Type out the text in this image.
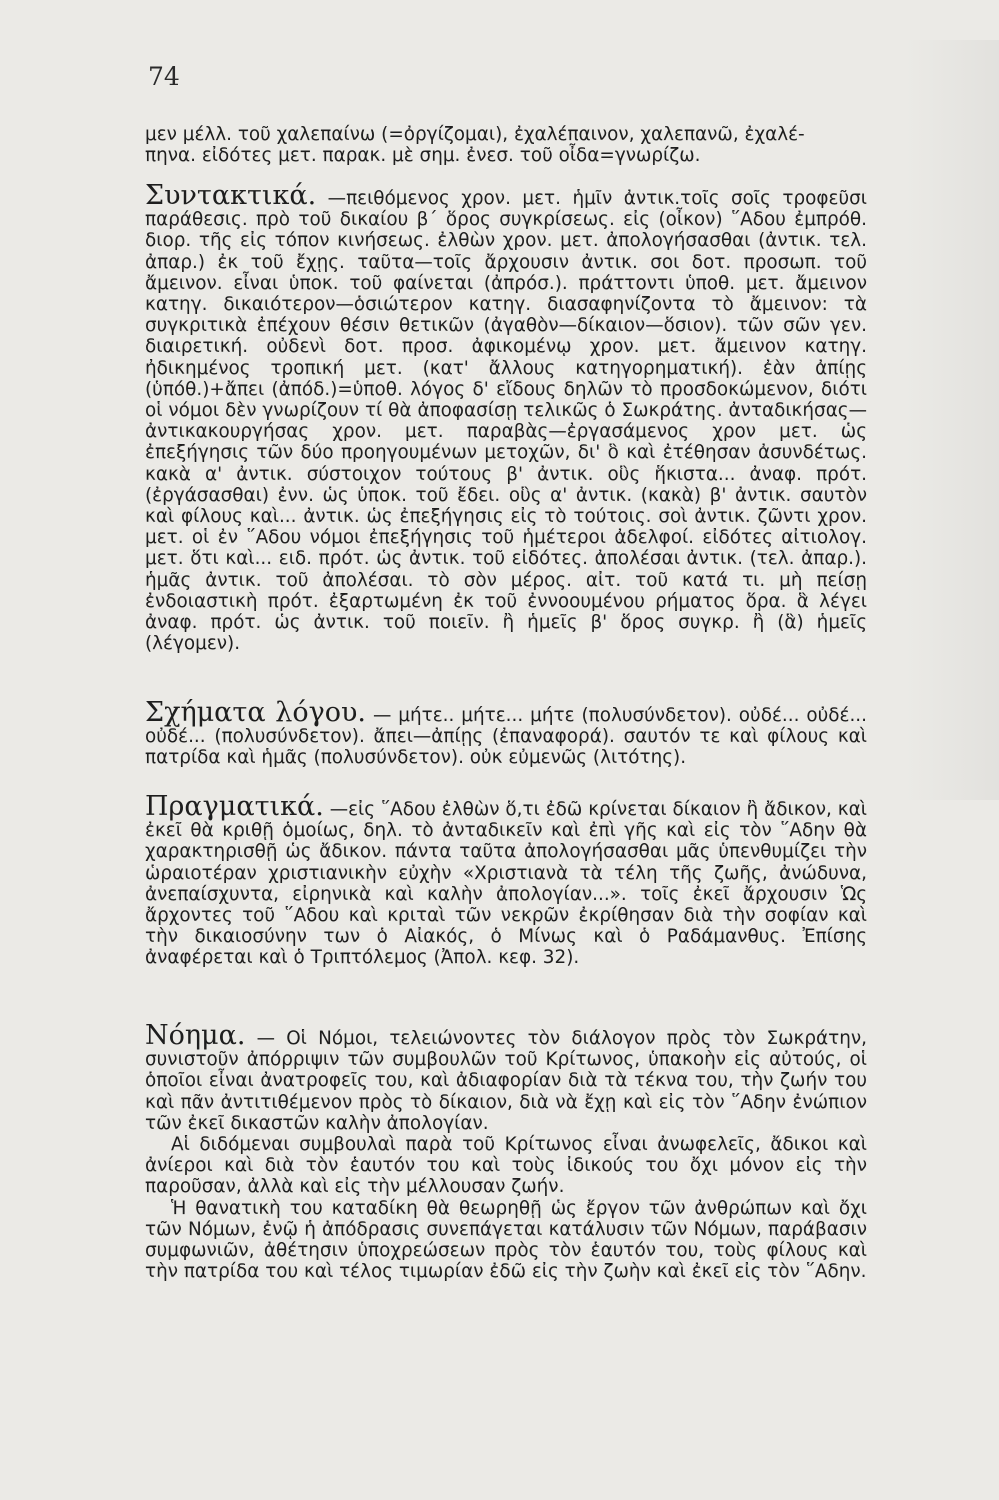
74

μεν μέλλ. τοῦ χαλεπαίνω (=ὀργίζομαι), ἐχαλέπαινον, χαλεπανῶ, ἐχαλέ-

πηνα. εἰδότες μετ. παρακ. μὲ σημ. ἐνεσ. τοῦ οἶδα=γνωρίζω.

Συντακτικά. —πειθόμενος χρον. μετ. ἡμῖν ἀντικ.τοῖς σοῖς τροφεῦσι παράθεσις. πρὸ τοῦ δικαίου β΄ ὅρος συγκρίσεως. εἰς (οἶκον) ῞Αδου ἐμπρόθ. διορ. τῆς εἰς τόπον κινήσεως. ἐλθὼν χρον. μετ. ἀπολογήσασθαι (ἀντικ. τελ. ἀπαρ.) ἐκ τοῦ ἔχῃς. ταῦτα—τοῖς ἄρχουσιν ἀντικ. σοι δοτ. προσωπ. τοῦ ἄμεινον. εἶναι ὑποκ. τοῦ φαίνεται (ἀπρόσ.). πράττοντι ὑποθ. μετ. ἄμεινον κατηγ. δικαιότερον—ὁσιώτερον κατηγ. διασαφηνίζοντα τὸ ἄμεινον: τὰ συγκριτικὰ ἐπέχουν θέσιν θετικῶν (ἀγαθὸν—δίκαιον—ὅσιον). τῶν σῶν γεν. διαιρετική. οὐδενὶ δοτ. προσ. ἀφικομένῳ χρον. μετ. ἄμεινον κατηγ. ἠδικημένος τροπική μετ. (κατ' ἄλλους κατηγορηματική). ἐὰν ἀπίῃς (ὑπόθ.)+ἄπει (ἀπόδ.)=ὑποθ. λόγος δ' εἴδους δηλῶν τὸ προσδοκώμενον, διότι οἱ νόμοι δὲν γνωρίζουν τί θὰ ἀποφασίσῃ τελικῶς ὁ Σωκράτης. ἀνταδικήσας—ἀντικακουργήσας χρον. μετ. παραβὰς—ἐργασάμενος χρον μετ. ὡς ἐπεξήγησις τῶν δύο προηγουμένων μετοχῶν, δι' ὃ καὶ ἐτέθησαν ἀσυνδέτως. κακὰ α' ἀντικ. σύστοιχον τούτους β' ἀντικ. οὓς ἥκιστα... ἀναφ. πρότ. (ἐργάσασθαι) ἐνν. ὡς ὑποκ. τοῦ ἔδει. οὓς α' ἀντικ. (κακὰ) β' ἀντικ. σαυτὸν καὶ φίλους καὶ... ἀντικ. ὡς ἐπεξήγησις εἰς τὸ τούτοις. σοὶ ἀντικ. ζῶντι χρον. μετ. οἱ ἐν ῞Αδου νόμοι ἐπεξήγησις τοῦ ἡμέτεροι ἀδελφοί. εἰδότες αἰτιολογ. μετ. ὅτι καὶ... ειδ. πρότ. ὡς ἀντικ. τοῦ εἰδότες. ἀπολέσαι ἀντικ. (τελ. ἀπαρ.). ἡμᾶς ἀντικ. τοῦ ἀπολέσαι. τὸ σὸν μέρος. αἰτ. τοῦ κατά τι. μὴ πείσῃ ἐνδοιαστικὴ πρότ. ἐξαρτωμένη ἐκ τοῦ ἐννοουμένου ρήματος ὅρα. ἃ λέγει ἀναφ. πρότ. ὡς ἀντικ. τοῦ ποιεῖν. ἢ ἡμεῖς β' ὅρος συγκρ. ἢ (ἃ) ἡμεῖς (λέγομεν).

Σχήματα λόγου. — μήτε.. μήτε... μήτε (πολυσύνδετον). οὐδέ... οὐδέ... οὐδέ... (πολυσύνδετον). ἄπει—ἀπίῃς (ἐπαναφορά). σαυτόν τε καὶ φίλους καὶ πατρίδα καὶ ἡμᾶς (πολυσύνδετον). οὐκ εὐμενῶς (λιτότης).

Πραγματικά. —εἰς ῞Αδου ἐλθὼν ὅ,τι ἐδῶ κρίνεται δίκαιον ἢ ἄδικον, καὶ ἐκεῖ θὰ κριθῇ ὁμοίως, δηλ. τὸ ἀνταδικεῖν καὶ ἐπὶ γῆς καὶ εἰς τὸν ῞Αδην θὰ χαρακτηρισθῇ ὡς ἄδικον. πάντα ταῦτα ἀπολογήσασθαι μᾶς ὑπενθυμίζει τὴν ὡραιοτέραν χριστιανικὴν εὐχὴν «Χριστιανὰ τὰ τέλη τῆς ζωῆς, ἀνώδυνα, ἀνεπαίσχυντα, εἰρηνικὰ καὶ καλὴν ἀπολογίαν...». τοῖς ἐκεῖ ἄρχουσιν Ὡς ἄρχοντες τοῦ ῞Αδου καὶ κριταὶ τῶν νεκρῶν ἐκρίθησαν διὰ τὴν σοφίαν καὶ τὴν δικαιοσύνην των ὁ Αἰακός, ὁ Μίνως καὶ ὁ Ραδάμανθυς. Ἐπίσης ἀναφέρεται καὶ ὁ Τριπτόλεμος (Ἀπολ. κεφ. 32).

Νόημα. — Οἱ Νόμοι, τελειώνοντες τὸν διάλογον πρὸς τὸν Σωκράτην, συνιστοῦν ἀπόρριψιν τῶν συμβουλῶν τοῦ Κρίτωνος, ὑπακοὴν εἰς αὐτούς, οἱ ὁποῖοι εἶναι ἀνατροφεῖς του, καὶ ἀδιαφορίαν διὰ τὰ τέκνα του, τὴν ζωήν του καὶ πᾶν ἀντιτιθέμενον πρὸς τὸ δίκαιον, διὰ νὰ ἔχῃ καὶ εἰς τὸν ῞Αδην ἐνώπιον τῶν ἐκεῖ δικαστῶν καλὴν ἀπολογίαν.

Αἱ διδόμεναι συμβουλαὶ παρὰ τοῦ Κρίτωνος εἶναι ἀνωφελεῖς, ἄδικοι καὶ ἀνίεροι καὶ διὰ τὸν ἑαυτόν του καὶ τοὺς ἰδικούς του ὄχι μόνον εἰς τὴν παροῦσαν, ἀλλὰ καὶ εἰς τὴν μέλλουσαν ζωήν.

Ἡ θανατικὴ του καταδίκη θὰ θεωρηθῇ ὡς ἔργον τῶν ἀνθρώπων καὶ ὄχι τῶν Νόμων, ἐνῷ ἡ ἀπόδρασις συνεπάγεται κατάλυσιν τῶν Νόμων, παράβασιν συμφωνιῶν, ἀθέτησιν ὑποχρεώσεων πρὸς τὸν ἑαυτόν του, τοὺς φίλους καὶ τὴν πατρίδα του καὶ τέλος τιμωρίαν ἐδῶ εἰς τὴν ζωὴν καὶ ἐκεῖ εἰς τὸν ῞Αδην.
